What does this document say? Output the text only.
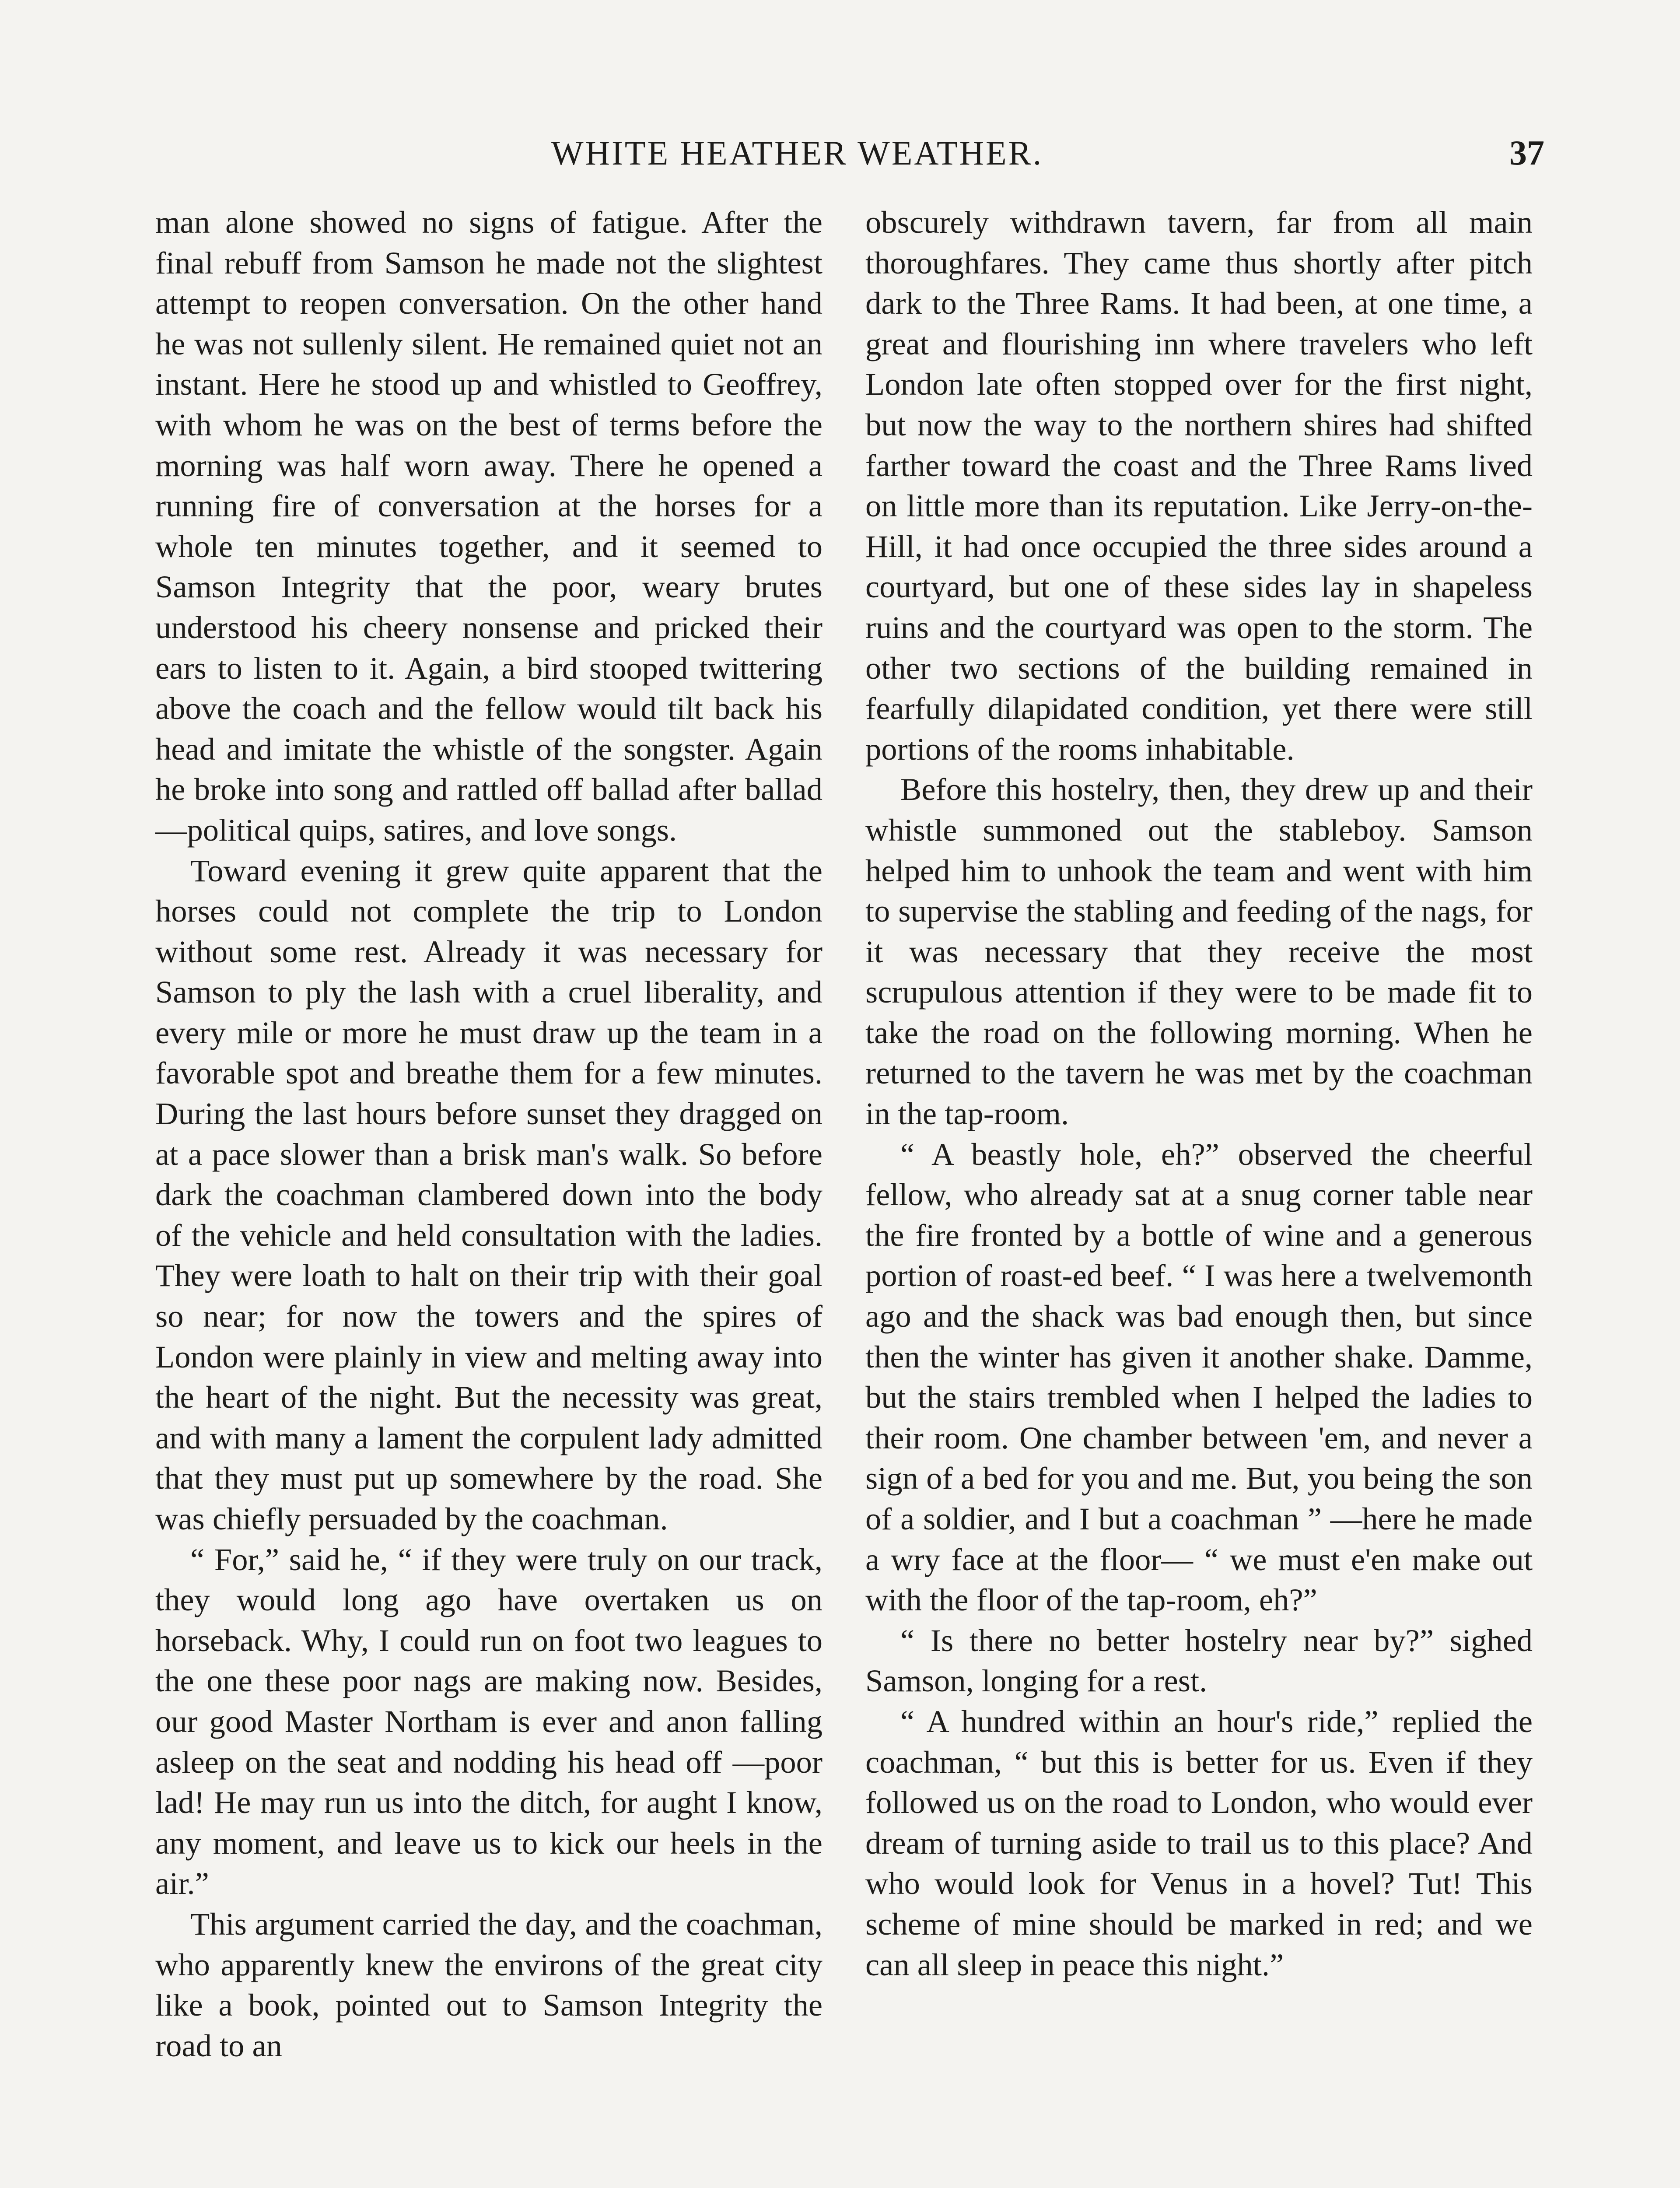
WHITE HEATHER WEATHER.	37

man alone showed no signs of fatigue. After the final rebuff from Samson he made not the slightest attempt to reopen conversation. On the other hand he was not sullenly silent. He remained quiet not an instant. Here he stood up and whistled to Geoffrey, with whom he was on the best of terms before the morning was half worn away. There he opened a running fire of conversation at the horses for a whole ten minutes together, and it seemed to Samson Integrity that the poor, weary brutes understood his cheery nonsense and pricked their ears to listen to it. Again, a bird stooped twittering above the coach and the fellow would tilt back his head and imitate the whistle of the songster. Again he broke into song and rattled off ballad after ballad—political quips, satires, and love songs.

Toward evening it grew quite apparent that the horses could not complete the trip to London without some rest. Already it was necessary for Samson to ply the lash with a cruel liberality, and every mile or more he must draw up the team in a favorable spot and breathe them for a few minutes. During the last hours before sunset they dragged on at a pace slower than a brisk man's walk. So before dark the coachman clambered down into the body of the vehicle and held consultation with the ladies. They were loath to halt on their trip with their goal so near; for now the towers and the spires of London were plainly in view and melting away into the heart of the night. But the necessity was great, and with many a lament the corpulent lady admitted that they must put up somewhere by the road. She was chiefly persuaded by the coachman.

“ For,” said he, “ if they were truly on our track, they would long ago have overtaken us on horseback. Why, I could run on foot two leagues to the one these poor nags are making now. Besides, our good Master Northam is ever and anon falling asleep on the seat and nodding his head off —poor lad! He may run us into the ditch, for aught I know, any moment, and leave us to kick our heels in the air.”

This argument carried the day, and the coachman, who apparently knew the environs of the great city like a book, pointed out to Samson Integrity the road to an

obscurely withdrawn tavern, far from all main thoroughfares. They came thus shortly after pitch dark to the Three Rams. It had been, at one time, a great and flourishing inn where travelers who left London late often stopped over for the first night, but now the way to the northern shires had shifted farther toward the coast and the Three Rams lived on little more than its reputation. Like Jerry-on-the-Hill, it had once occupied the three sides around a courtyard, but one of these sides lay in shapeless ruins and the courtyard was open to the storm. The other two sections of the building remained in fearfully dilapidated condition, yet there were still portions of the rooms inhabitable.

Before this hostelry, then, they drew up and their whistle summoned out the stableboy. Samson helped him to unhook the team and went with him to supervise the stabling and feeding of the nags, for it was necessary that they receive the most scrupulous attention if they were to be made fit to take the road on the following morning. When he returned to the tavern he was met by the coachman in the tap-room.

“ A beastly hole, eh?” observed the cheerful fellow, who already sat at a snug corner table near the fire fronted by a bottle of wine and a generous portion of roast-ed beef. “ I was here a twelvemonth ago and the shack was bad enough then, but since then the winter has given it another shake. Damme, but the stairs trembled when I helped the ladies to their room. One chamber between 'em, and never a sign of a bed for you and me. But, you being the son of a soldier, and I but a coachman ” —here he made a wry face at the floor— “ we must e'en make out with the floor of the tap-room, eh?”

“ Is there no better hostelry near by?” sighed Samson, longing for a rest.

“ A hundred within an hour's ride,” replied the coachman, “ but this is better for us. Even if they followed us on the road to London, who would ever dream of turning aside to trail us to this place? And who would look for Venus in a hovel? Tut! This scheme of mine should be marked in red; and we can all sleep in peace this night.”
